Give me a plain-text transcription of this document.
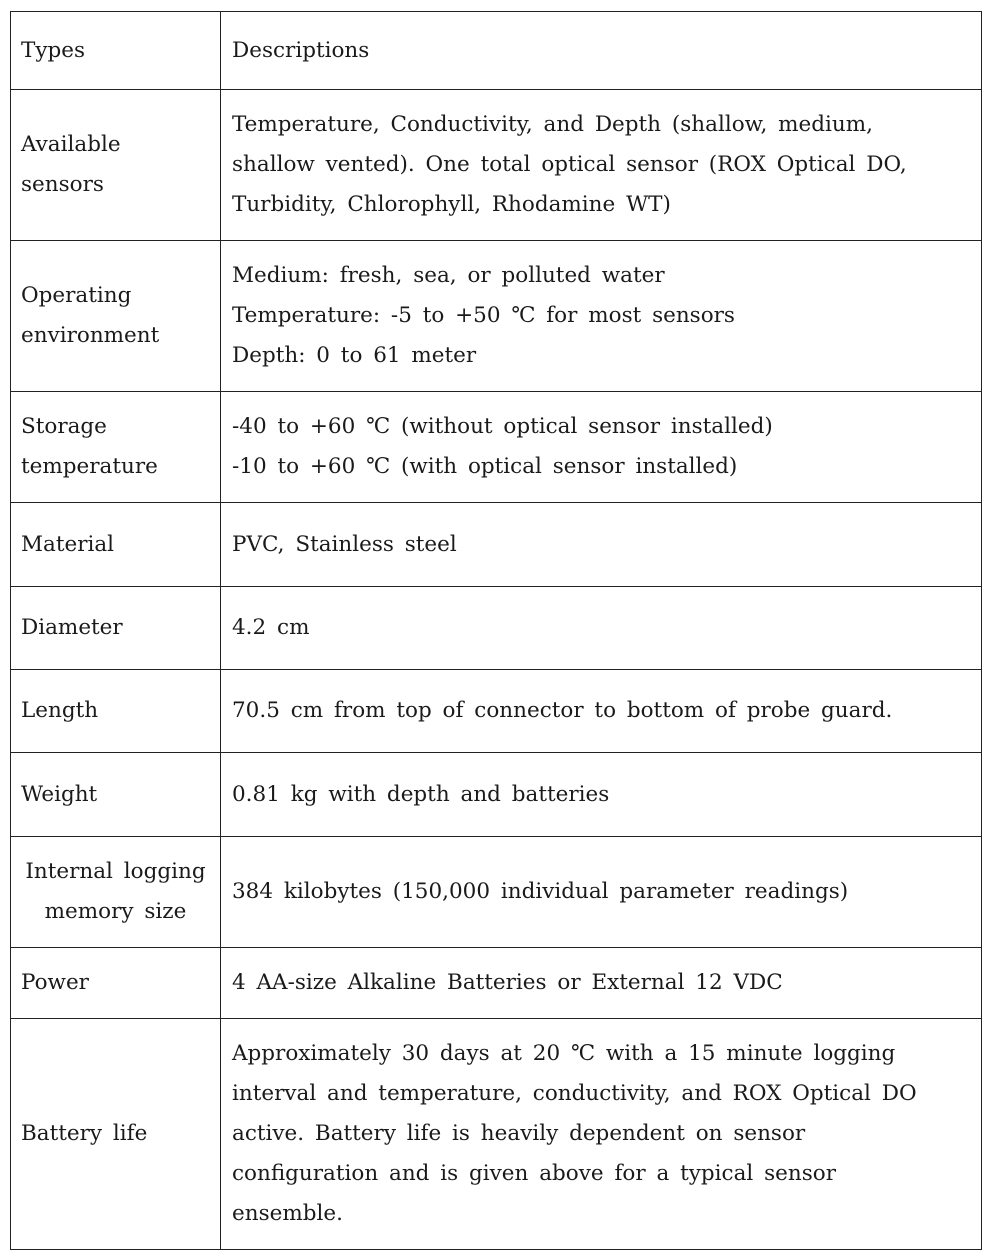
Types	Descriptions

Available
sensors	Temperature, Conductivity, and Depth (shallow, medium,
shallow vented). One total optical sensor (ROX Optical DO,
Turbidity, Chlorophyll, Rhodamine WT)

Operating
environment	Medium: fresh, sea, or polluted water
Temperature: -5 to +50 ℃ for most sensors
Depth: 0 to 61 meter

Storage
temperature	-40 to +60 ℃ (without optical sensor installed)
-10 to +60 ℃ (with optical sensor installed)

Material	PVC, Stainless steel

Diameter	4.2 cm

Length	70.5 cm from top of connector to bottom of probe guard.

Weight	0.81 kg with depth and batteries

Internal logging
memory size	384 kilobytes (150,000 individual parameter readings)

Power	4 AA-size Alkaline Batteries or External 12 VDC

Battery life	Approximately 30 days at 20 ℃ with a 15 minute logging
interval and temperature, conductivity, and ROX Optical DO
active. Battery life is heavily dependent on sensor
configuration and is given above for a typical sensor
ensemble.
